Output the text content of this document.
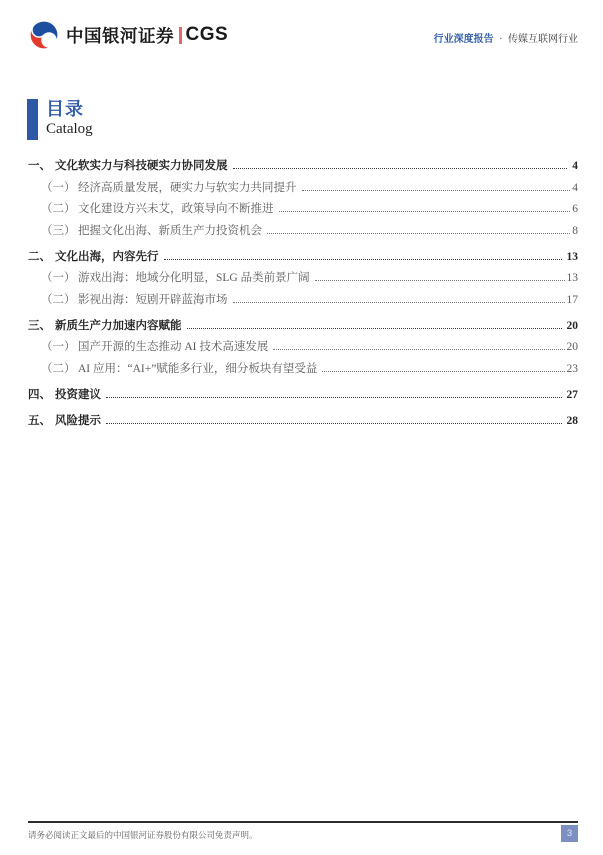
中国银河证券 CGS	行业深度报告 · 传媒互联网行业
目录
Catalog
一、 文化软实力与科技硬实力协同发展	4
（一） 经济高质量发展，硬实力与软实力共同提升	4
（二） 文化建设方兴未艾，政策导向不断推进	6
（三） 把握文化出海、新质生产力投资机会	8
二、 文化出海，内容先行	13
（一） 游戏出海：地域分化明显，SLG 品类前景广阔	13
（二） 影视出海：短剧开辟蓝海市场	17
三、 新质生产力加速内容赋能	20
（一） 国产开源的生态推动 AI 技术高速发展	20
（二） AI 应用：“AI+”赋能多行业，细分板块有望受益	23
四、 投资建议	27
五、 风险提示	28
请务必阅读正文最后的中国银河证券股份有限公司免责声明。	3
